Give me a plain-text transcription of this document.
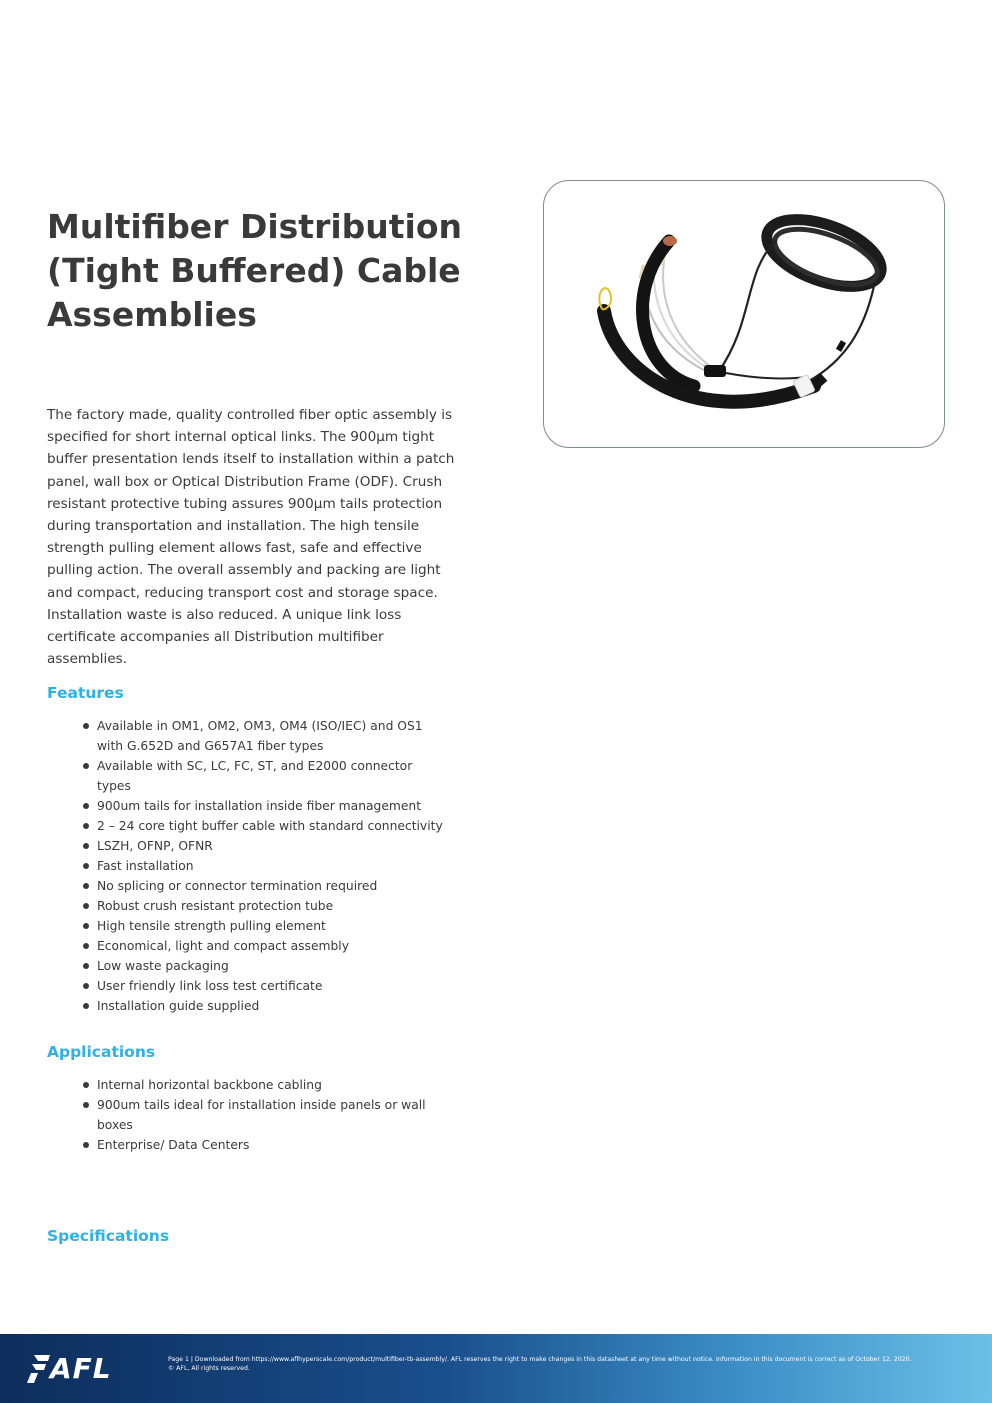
Multifiber Distribution (Tight Buffered) Cable Assemblies

The factory made, quality controlled fiber optic assembly is specified for short internal optical links. The 900µm tight buffer presentation lends itself to installation within a patch panel, wall box or Optical Distribution Frame (ODF). Crush resistant protective tubing assures 900µm tails protection during transportation and installation. The high tensile strength pulling element allows fast, safe and effective pulling action. The overall assembly and packing are light and compact, reducing transport cost and storage space. Installation waste is also reduced. A unique link loss certificate accompanies all Distribution multifiber assemblies.

Features
Available in OM1, OM2, OM3, OM4 (ISO/IEC) and OS1 with G.652D and G657A1 fiber types
Available with SC, LC, FC, ST, and E2000 connector types
900um tails for installation inside fiber management
2 – 24 core tight buffer cable with standard connectivity
LSZH, OFNP, OFNR
Fast installation
No splicing or connector termination required
Robust crush resistant protection tube
High tensile strength pulling element
Economical, light and compact assembly
Low waste packaging
User friendly link loss test certificate
Installation guide supplied
Applications
Internal horizontal backbone cabling
900um tails ideal for installation inside panels or wall boxes
Enterprise/ Data Centers
Specifications
AFL	Page 1 | Downloaded from https://www.aflhyperscale.com/product/multifiber-tb-assembly/. AFL reserves the right to make changes in this datasheet at any time without notice. Information in this document is correct as of October 12, 2020.
© AFL, All rights reserved.
